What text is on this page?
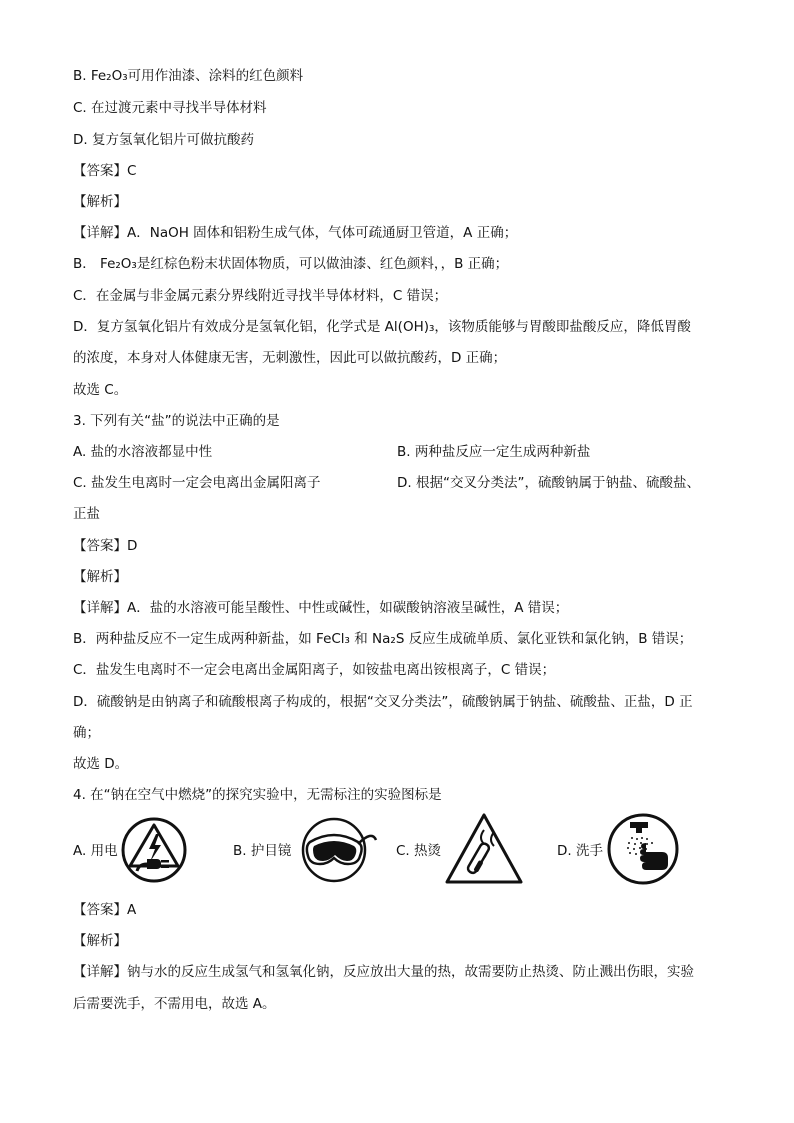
B. Fe₂O₃可用作油漆、涂料的红色颜料
C. 在过渡元素中寻找半导体材料
D. 复方氢氧化铝片可做抗酸药
【答案】C
【解析】
【详解】A．NaOH 固体和铝粉生成气体，气体可疏通厨卫管道，A 正确；
B． Fe₂O₃是红棕色粉末状固体物质，可以做油漆、红色颜料，，B 正确；
C．在金属与非金属元素分界线附近寻找半导体材料，C 错误；
D．复方氢氧化铝片有效成分是氢氧化铝，化学式是 Al(OH)₃，该物质能够与胃酸即盐酸反应，降低胃酸
的浓度，本身对人体健康无害，无刺激性，因此可以做抗酸药，D 正确；
故选 C。
3. 下列有关“盐”的说法中正确的是
A. 盐的水溶液都显中性	B. 两种盐反应一定生成两种新盐
C. 盐发生电离时一定会电离出金属阳离子	D. 根据“交叉分类法”，硫酸钠属于钠盐、硫酸盐、
正盐
【答案】D
【解析】
【详解】A．盐的水溶液可能呈酸性、中性或碱性，如碳酸钠溶液呈碱性，A 错误；
B．两种盐反应不一定生成两种新盐，如 FeCl₃ 和 Na₂S 反应生成硫单质、氯化亚铁和氯化钠，B 错误；
C．盐发生电离时不一定会电离出金属阳离子，如铵盐电离出铵根离子，C 错误；
D．硫酸钠是由钠离子和硫酸根离子构成的，根据“交叉分类法”，硫酸钠属于钠盐、硫酸盐、正盐，D 正
确；
故选 D。
4. 在“钠在空气中燃烧”的探究实验中，无需标注的实验图标是
A. 用电	B. 护目镜	C. 热烫	D. 洗手
【答案】A
【解析】
【详解】钠与水的反应生成氢气和氢氧化钠，反应放出大量的热，故需要防止热烫、防止溅出伤眼，实验
后需要洗手，不需用电，故选 A。
